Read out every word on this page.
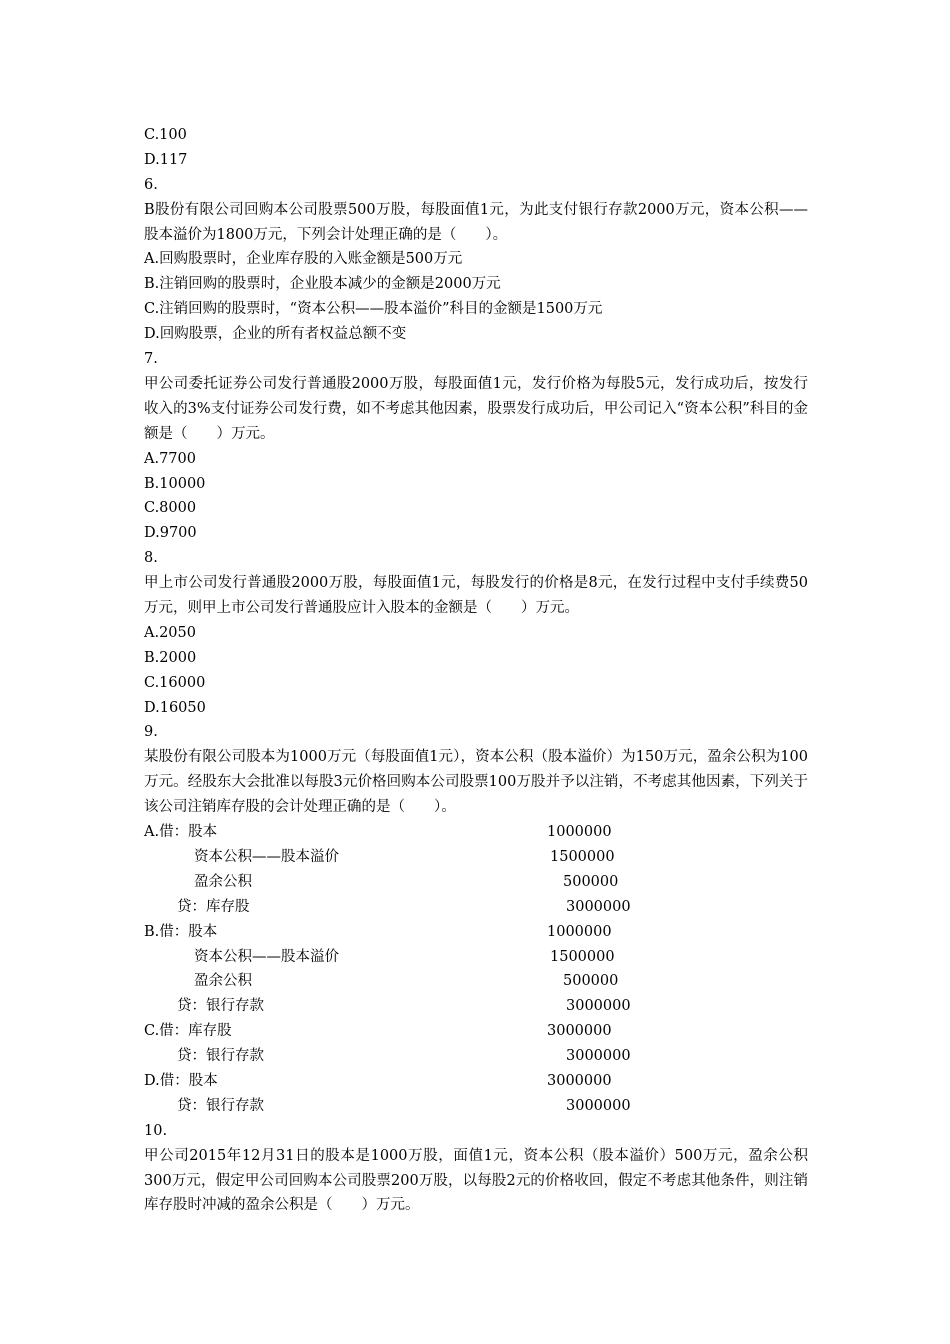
C.100
D.117
6.
B股份有限公司回购本公司股票500万股，每股面值1元，为此支付银行存款2000万元，资本公积——股本溢价为1800万元，下列会计处理正确的是（　　）。
A.回购股票时，企业库存股的入账金额是500万元
B.注销回购的股票时，企业股本减少的金额是2000万元
C.注销回购的股票时，“资本公积——股本溢价”科目的金额是1500万元
D.回购股票，企业的所有者权益总额不变
7.
甲公司委托证券公司发行普通股2000万股，每股面值1元，发行价格为每股5元，发行成功后，按发行收入的3%支付证券公司发行费，如不考虑其他因素，股票发行成功后，甲公司记入“资本公积”科目的金额是（　　）万元。
A.7700
B.10000
C.8000
D.9700
8.
甲上市公司发行普通股2000万股，每股面值1元，每股发行的价格是8元，在发行过程中支付手续费50万元，则甲上市公司发行普通股应计入股本的金额是（　　）万元。
A.2050
B.2000
C.16000
D.16050
9.
某股份有限公司股本为1000万元（每股面值1元），资本公积（股本溢价）为150万元，盈余公积为100万元。经股东大会批准以每股3元价格回购本公司股票100万股并予以注销，不考虑其他因素，下列关于该公司注销库存股的会计处理正确的是（　　）。
A.借：股本	1000000
资本公积——股本溢价	1500000
盈余公积	500000
贷：库存股	3000000
B.借：股本	1000000
资本公积——股本溢价	1500000
盈余公积	500000
贷：银行存款	3000000
C.借：库存股	3000000
贷：银行存款	3000000
D.借：股本	3000000
贷：银行存款	3000000
10.
甲公司2015年12月31日的股本是1000万股，面值1元，资本公积（股本溢价）500万元，盈余公积300万元，假定甲公司回购本公司股票200万股，以每股2元的价格收回，假定不考虑其他条件，则注销库存股时冲减的盈余公积是（　　）万元。
